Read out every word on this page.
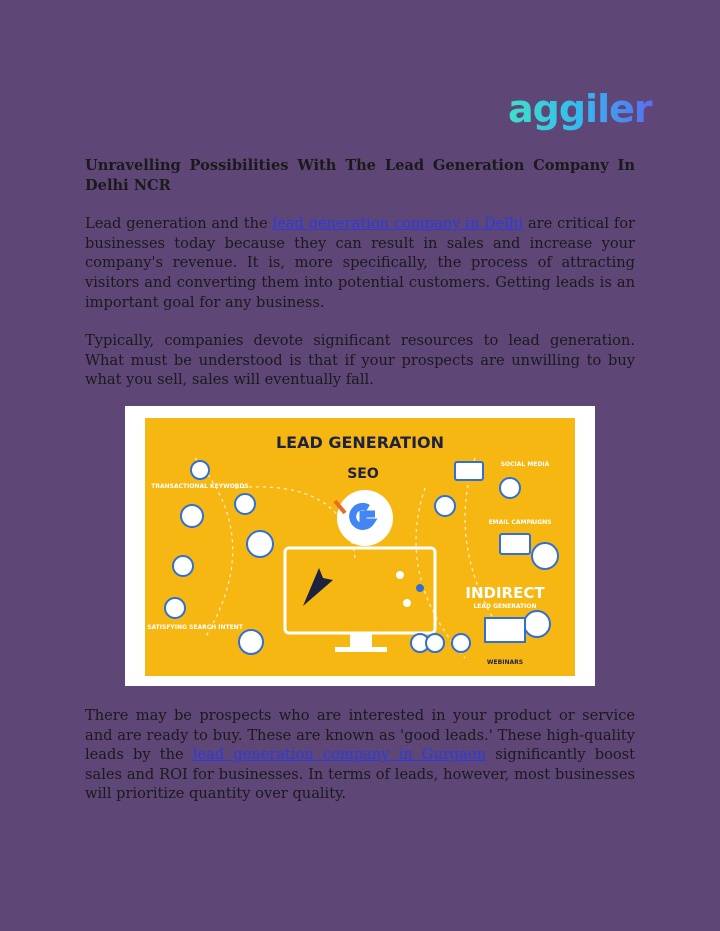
aggiler

Unravelling Possibilities With The Lead Generation Company In Delhi NCR

Lead generation and the lead generation company in Delhi are critical for businesses today because they can result in sales and increase your company's revenue. It is, more specifically, the process of attracting visitors and converting them into potential customers. Getting leads is an important goal for any business.

Typically, companies devote significant resources to lead generation. What must be understood is that if your prospects are unwilling to buy what you sell, sales will eventually fall.

LEAD GENERATION
SEO
TRANSACTIONAL KEYWORDS
SATISFYING SEARCH INTENT
SOCIAL MEDIA
EMAIL CAMPAIGNS
INDIRECT
LEAD GENERATION
WEBINARS

There may be prospects who are interested in your product or service and are ready to buy. These are known as 'good leads.' These high-quality leads by the lead generation company in Gurgaon significantly boost sales and ROI for businesses. In terms of leads, however, most businesses will prioritize quantity over quality.
